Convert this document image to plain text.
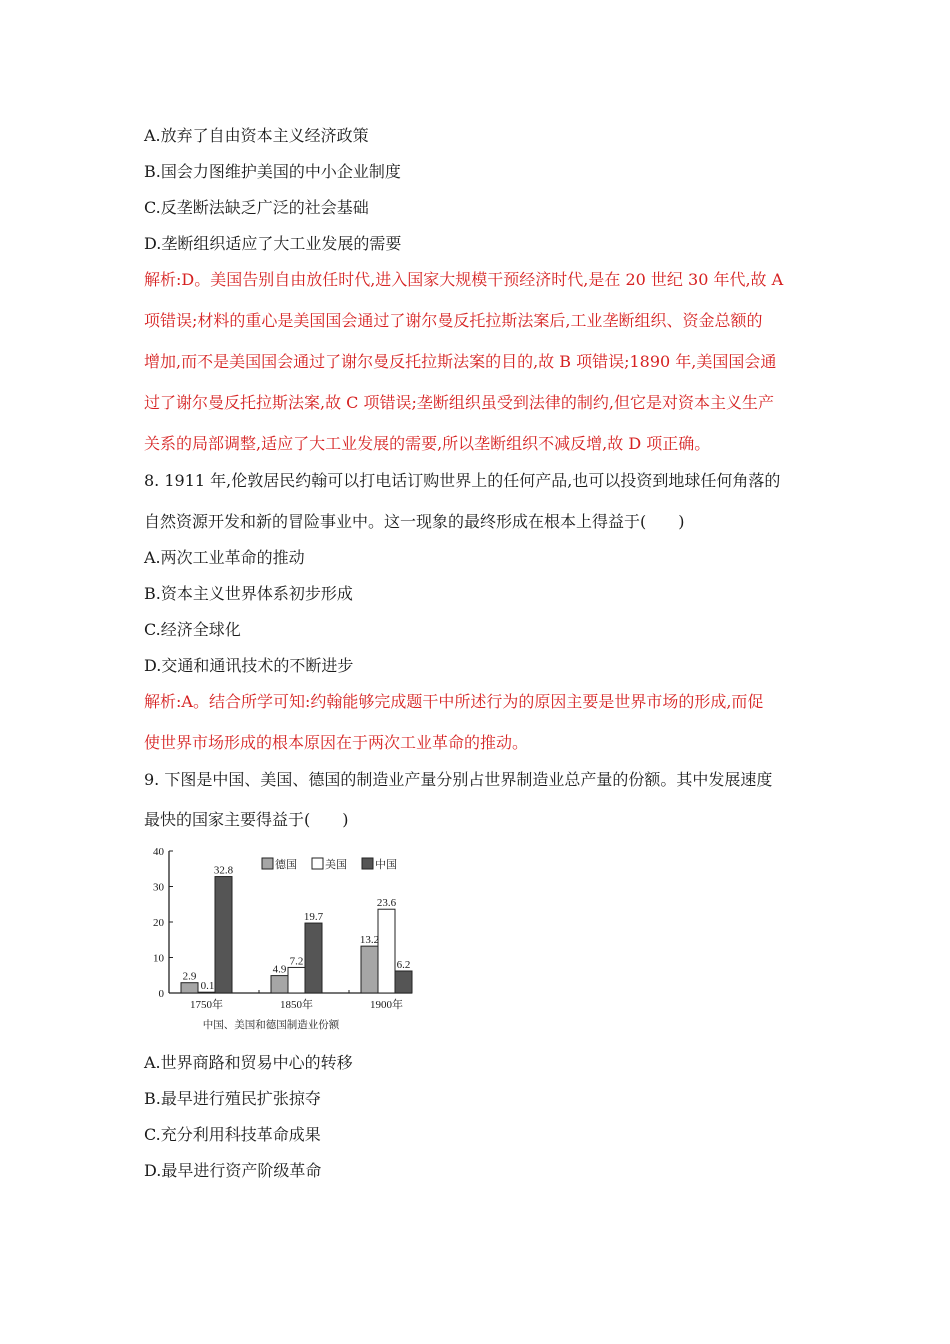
A.放弃了自由资本主义经济政策
B.国会力图维护美国的中小企业制度
C.反垄断法缺乏广泛的社会基础
D.垄断组织适应了大工业发展的需要
解析:D。美国告别自由放任时代,进入国家大规模干预经济时代,是在 20 世纪 30 年代,故 A
项错误;材料的重心是美国国会通过了谢尔曼反托拉斯法案后,工业垄断组织、资金总额的
增加,而不是美国国会通过了谢尔曼反托拉斯法案的目的,故 B 项错误;1890 年,美国国会通
过了谢尔曼反托拉斯法案,故 C 项错误;垄断组织虽受到法律的制约,但它是对资本主义生产
关系的局部调整,适应了大工业发展的需要,所以垄断组织不减反增,故 D 项正确。
8. 1911 年,伦敦居民约翰可以打电话订购世界上的任何产品,也可以投资到地球任何角落的
自然资源开发和新的冒险事业中。这一现象的最终形成在根本上得益于(　　)
A.两次工业革命的推动
B.资本主义世界体系初步形成
C.经济全球化
D.交通和通讯技术的不断进步
解析:A。结合所学可知:约翰能够完成题干中所述行为的原因主要是世界市场的形成,而促
使世界市场形成的根本原因在于两次工业革命的推动。
9. 下图是中国、美国、德国的制造业产量分别占世界制造业总产量的份额。其中发展速度
最快的国家主要得益于(　　)
0
10
20
30
40
1750年	1850年	1900年
2.9
0.1
32.8
4.9
7.2
19.7
13.2
23.6
6.2
德国	美国	中国
中国、美国和德国制造业份额
A.世界商路和贸易中心的转移
B.最早进行殖民扩张掠夺
C.充分利用科技革命成果
D.最早进行资产阶级革命
